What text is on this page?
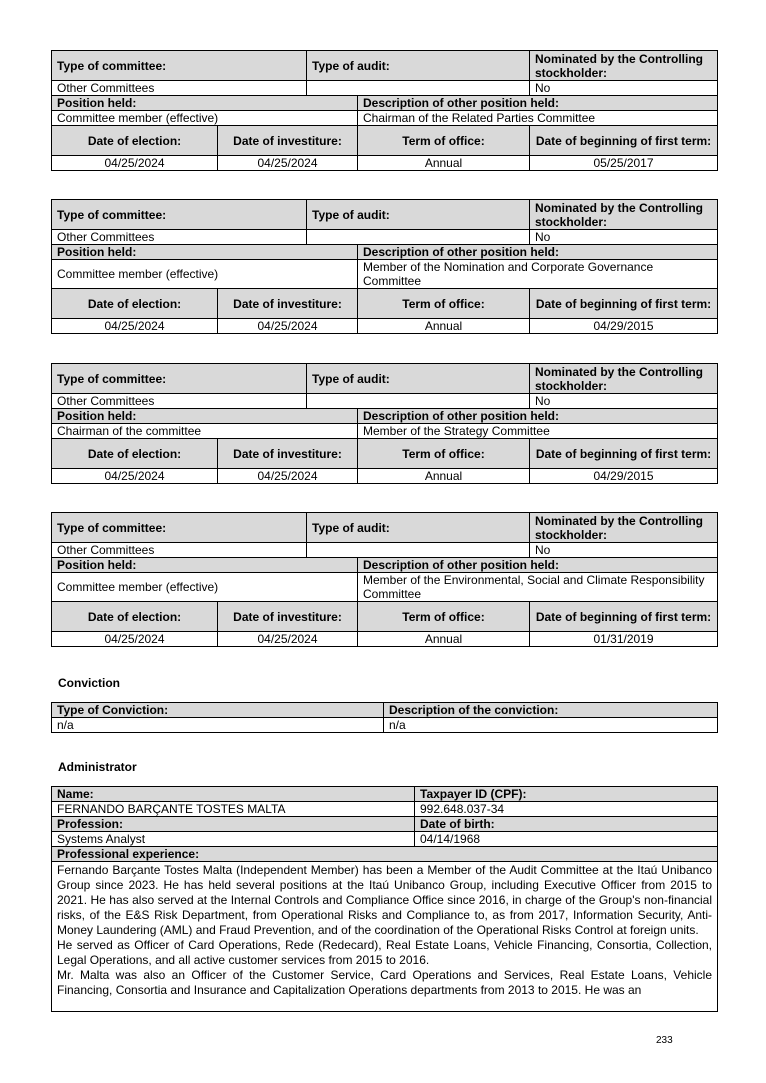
Type of committee:		Type of audit:		Nominated by the Controlling stockholder:
Other Committees				No
Position held:			Description of other position held:	
Committee member (effective)			Chairman of the Related Parties Committee	
Date of election:	Date of investiture:		Term of office:	Date of beginning of first term:
04/25/2024	04/25/2024		Annual	05/25/2017
Type of committee:		Type of audit:		Nominated by the Controlling stockholder:
Other Committees				No
Position held:			Description of other position held:	
Committee member (effective)			Member of the Nomination and Corporate Governance Committee	
Date of election:	Date of investiture:		Term of office:	Date of beginning of first term:
04/25/2024	04/25/2024		Annual	04/29/2015
Type of committee:		Type of audit:		Nominated by the Controlling stockholder:
Other Committees				No
Position held:			Description of other position held:	
Chairman of the committee			Member of the Strategy Committee	
Date of election:	Date of investiture:		Term of office:	Date of beginning of first term:
04/25/2024	04/25/2024		Annual	04/29/2015
Type of committee:		Type of audit:		Nominated by the Controlling stockholder:
Other Committees				No
Position held:			Description of other position held:	
Committee member (effective)			Member of the Environmental, Social and Climate Responsibility Committee	
Date of election:	Date of investiture:		Term of office:	Date of beginning of first term:
04/25/2024	04/25/2024		Annual	01/31/2019
Conviction
Type of Conviction:	Description of the conviction:
n/a	n/a
Administrator
Name:	Taxpayer ID (CPF):
FERNANDO BARÇANTE TOSTES MALTA	992.648.037-34
Profession:	Date of birth:
Systems Analyst	04/14/1968
Professional experience:	

Fernando Barçante Tostes Malta (Independent Member) has been a Member of the Audit Committee at the Itaú Unibanco Group since 2023. He has held several positions at the Itaú Unibanco Group, including Executive Officer from 2015 to 2021. He has also served at the Internal Controls and Compliance Office since 2016, in charge of the Group's non-financial risks, of the E&S Risk Department, from Operational Risks and Compliance to, as from 2017, Information Security, Anti-Money Laundering (AML) and Fraud Prevention, and of the coordination of the Operational Risks Control at foreign units.

He served as Officer of Card Operations, Rede (Redecard), Real Estate Loans, Vehicle Financing, Consortia, Collection, Legal Operations, and all active customer services from 2015 to 2016.

Mr. Malta was also an Officer of the Customer Service, Card Operations and Services, Real Estate Loans, Vehicle Financing, Consortia and Insurance and Capitalization Operations departments from 2013 to 2015. He was an	

233
